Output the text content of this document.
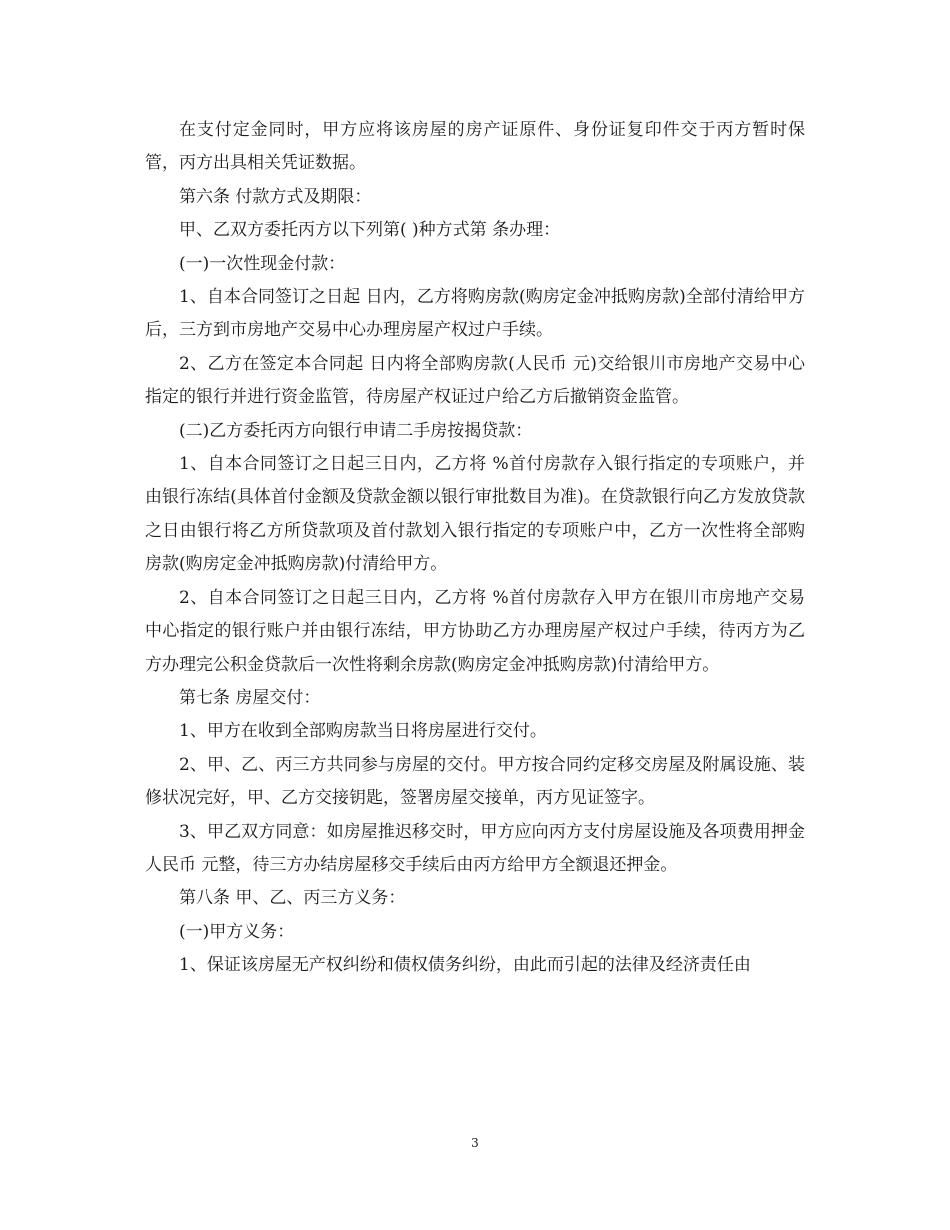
在支付定金同时，甲方应将该房屋的房产证原件、身份证复印件交于丙方暂时保管，丙方出具相关凭证数据。

第六条 付款方式及期限：

甲、乙双方委托丙方以下列第( )种方式第 条办理：

(一)一次性现金付款：

1、自本合同签订之日起 日内，乙方将购房款(购房定金冲抵购房款)全部付清给甲方后，三方到市房地产交易中心办理房屋产权过户手续。

2、乙方在签定本合同起 日内将全部购房款(人民币 元)交给银川市房地产交易中心指定的银行并进行资金监管，待房屋产权证过户给乙方后撤销资金监管。

(二)乙方委托丙方向银行申请二手房按揭贷款：

1、自本合同签订之日起三日内，乙方将 %首付房款存入银行指定的专项账户，并由银行冻结(具体首付金额及贷款金额以银行审批数目为准)。在贷款银行向乙方发放贷款之日由银行将乙方所贷款项及首付款划入银行指定的专项账户中，乙方一次性将全部购房款(购房定金冲抵购房款)付清给甲方。

2、自本合同签订之日起三日内，乙方将 %首付房款存入甲方在银川市房地产交易中心指定的银行账户并由银行冻结，甲方协助乙方办理房屋产权过户手续，待丙方为乙方办理完公积金贷款后一次性将剩余房款(购房定金冲抵购房款)付清给甲方。

第七条 房屋交付：

1、甲方在收到全部购房款当日将房屋进行交付。

2、甲、乙、丙三方共同参与房屋的交付。甲方按合同约定移交房屋及附属设施、装修状况完好，甲、乙方交接钥匙，签署房屋交接单，丙方见证签字。

3、甲乙双方同意：如房屋推迟移交时，甲方应向丙方支付房屋设施及各项费用押金人民币 元整，待三方办结房屋移交手续后由丙方给甲方全额退还押金。

第八条 甲、乙、丙三方义务：

(一)甲方义务：

1、保证该房屋无产权纠纷和债权债务纠纷，由此而引起的法律及经济责任由

3
